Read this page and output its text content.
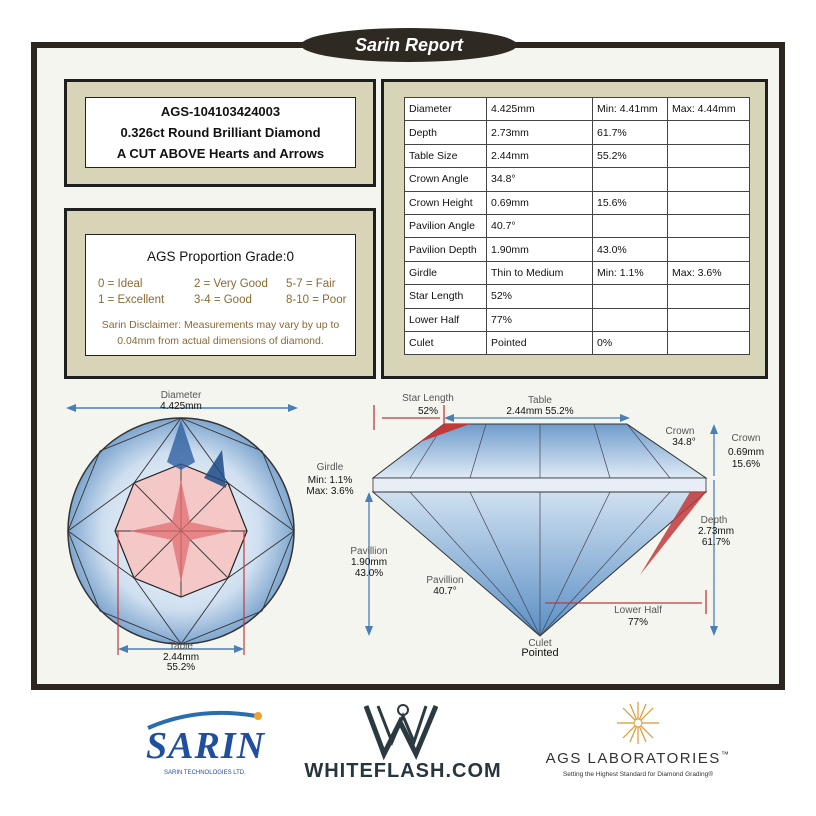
Sarin Report
AGS-104103424003
0.326ct Round Brilliant Diamond
A CUT ABOVE Hearts and Arrows
AGS Proportion Grade:0
0 = Ideal	2 = Very Good	5-7 = Fair
1 = Excellent	3-4 = Good	8-10 = Poor
Sarin Disclaimer: Measurements may vary by up to
0.04mm from actual dimensions of diamond.
Diameter	4.425mm	Min: 4.41mm	Max: 4.44mm
Depth	2.73mm	61.7%	
Table Size	2.44mm	55.2%	
Crown Angle	34.8°		
Crown Height	0.69mm	15.6%	
Pavilion Angle	40.7°		
Pavilion Depth	1.90mm	43.0%	
Girdle	Thin to Medium	Min: 1.1%	Max: 3.6%
Star Length	52%		
Lower Half	77%		
Culet	Pointed	0%	
Diameter
4.425mm
Table
2.44mm
55.2%
Star Length
52%
Table
2.44mm 55.2%
Crown
34.8°	Crown
0.69mm
15.6%
Girdle
Min: 1.1%
Max: 3.6%
Depth
2.73mm
61.7%
Pavillion
1.90mm
43.0%
Pavillion
40.7°
Lower Half
77%
Culet
Pointed
SARIN
SARIN TECHNOLOGIES LTD.	WHITEFLASH.COM
AGS LABORATORIES™
Setting the Highest Standard for Diamond Grading®
